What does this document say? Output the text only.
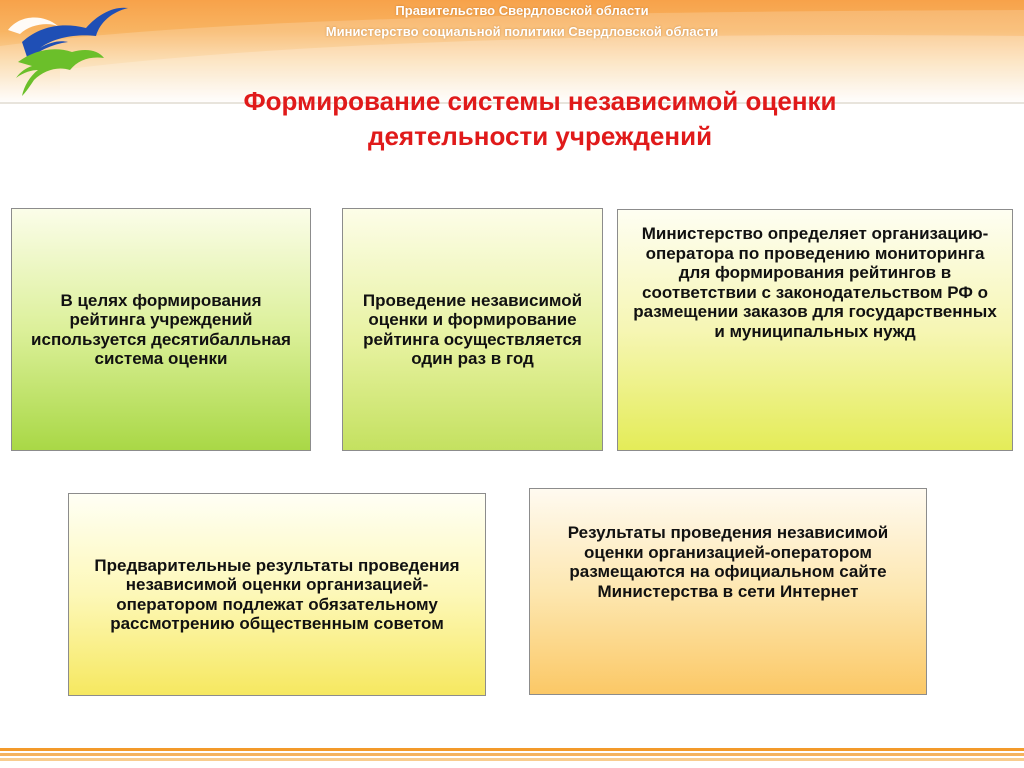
Правительство Свердловской области
Министерство социальной политики Свердловской области
Формирование системы независимой оценки
деятельности учреждений
В целях формирования рейтинга учреждений используется десятибалльная система оценки
Проведение независимой оценки и формирование рейтинга осуществляется один раз в год
Министерство определяет организацию-оператора по проведению мониторинга для формирования рейтингов в соответствии с законодательством РФ о размещении заказов для государственных и муниципальных нужд
Предварительные результаты проведения независимой оценки организацией-оператором подлежат обязательному рассмотрению общественным советом
Результаты проведения независимой оценки организацией-оператором размещаются на официальном сайте Министерства в сети Интернет
